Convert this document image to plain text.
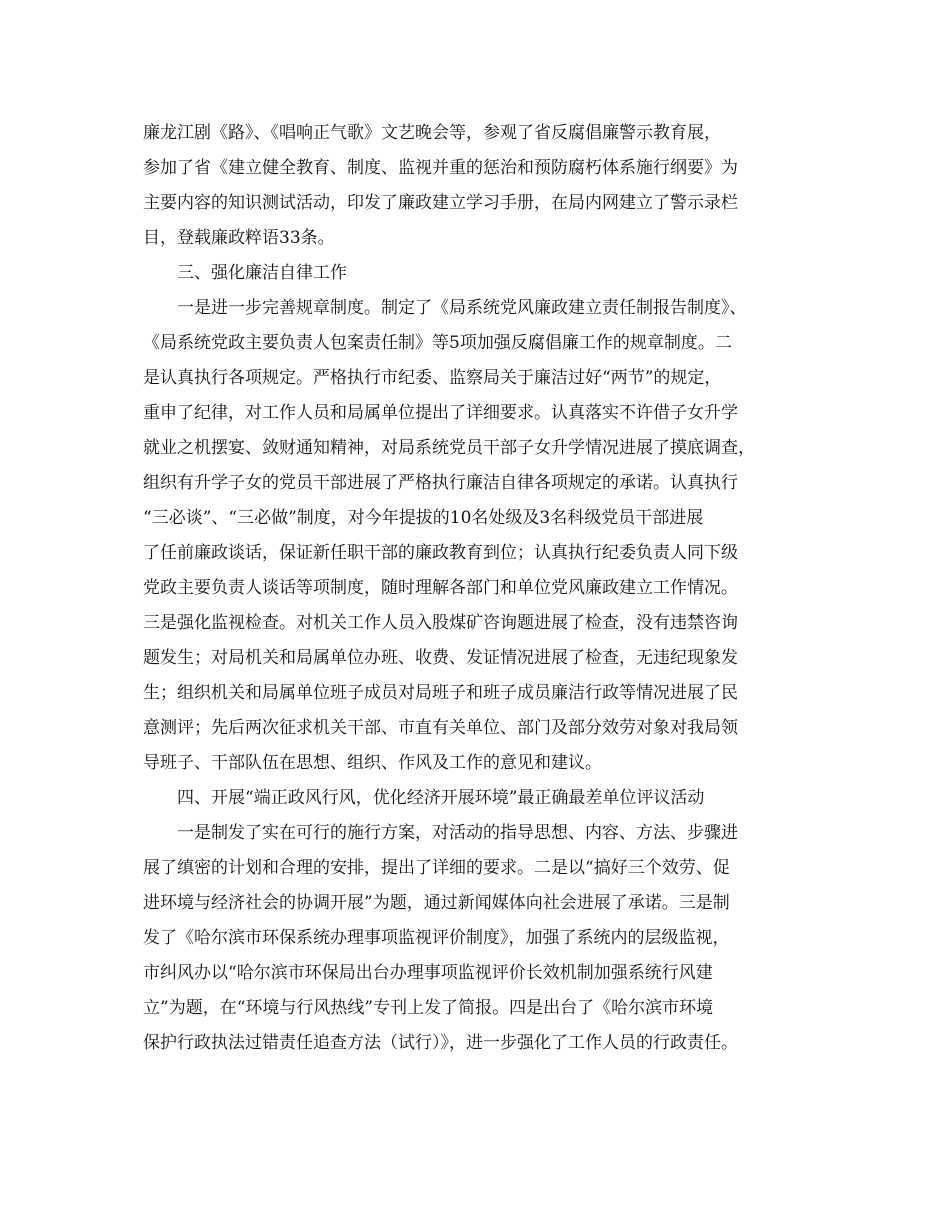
廉龙江剧《路》、《唱响正气歌》文艺晚会等，参观了省反腐倡廉警示教育展，
参加了省《建立健全教育、制度、监视并重的惩治和预防腐朽体系施行纲要》为
主要内容的知识测试活动，印发了廉政建立学习手册，在局内网建立了警示录栏
目，登载廉政粹语33条。
三、强化廉洁自律工作
一是进一步完善规章制度。制定了《局系统党风廉政建立责任制报告制度》、
《局系统党政主要负责人包案责任制》等5项加强反腐倡廉工作的规章制度。二
是认真执行各项规定。严格执行市纪委、监察局关于廉洁过好“两节”的规定，
重申了纪律，对工作人员和局属单位提出了详细要求。认真落实不许借子女升学
就业之机摆宴、敛财通知精神，对局系统党员干部子女升学情况进展了摸底调查，
组织有升学子女的党员干部进展了严格执行廉洁自律各项规定的承诺。认真执行
“三必谈”、“三必做”制度，对今年提拔的10名处级及3名科级党员干部进展
了任前廉政谈话，保证新任职干部的廉政教育到位；认真执行纪委负责人同下级
党政主要负责人谈话等项制度，随时理解各部门和单位党风廉政建立工作情况。
三是强化监视检查。对机关工作人员入股煤矿咨询题进展了检查，没有违禁咨询
题发生；对局机关和局属单位办班、收费、发证情况进展了检查，无违纪现象发
生；组织机关和局属单位班子成员对局班子和班子成员廉洁行政等情况进展了民
意测评；先后两次征求机关干部、市直有关单位、部门及部分效劳对象对我局领
导班子、干部队伍在思想、组织、作风及工作的意见和建议。
四、开展“端正政风行风，优化经济开展环境”最正确最差单位评议活动
一是制发了实在可行的施行方案，对活动的指导思想、内容、方法、步骤进
展了缜密的计划和合理的安排，提出了详细的要求。二是以“搞好三个效劳、促
进环境与经济社会的协调开展”为题，通过新闻媒体向社会进展了承诺。三是制
发了《哈尔滨市环保系统办理事项监视评价制度》，加强了系统内的层级监视，
市纠风办以“哈尔滨市环保局出台办理事项监视评价长效机制加强系统行风建
立”为题，在“环境与行风热线”专刊上发了简报。四是出台了《哈尔滨市环境
保护行政执法过错责任追查方法（试行）》，进一步强化了工作人员的行政责任。
